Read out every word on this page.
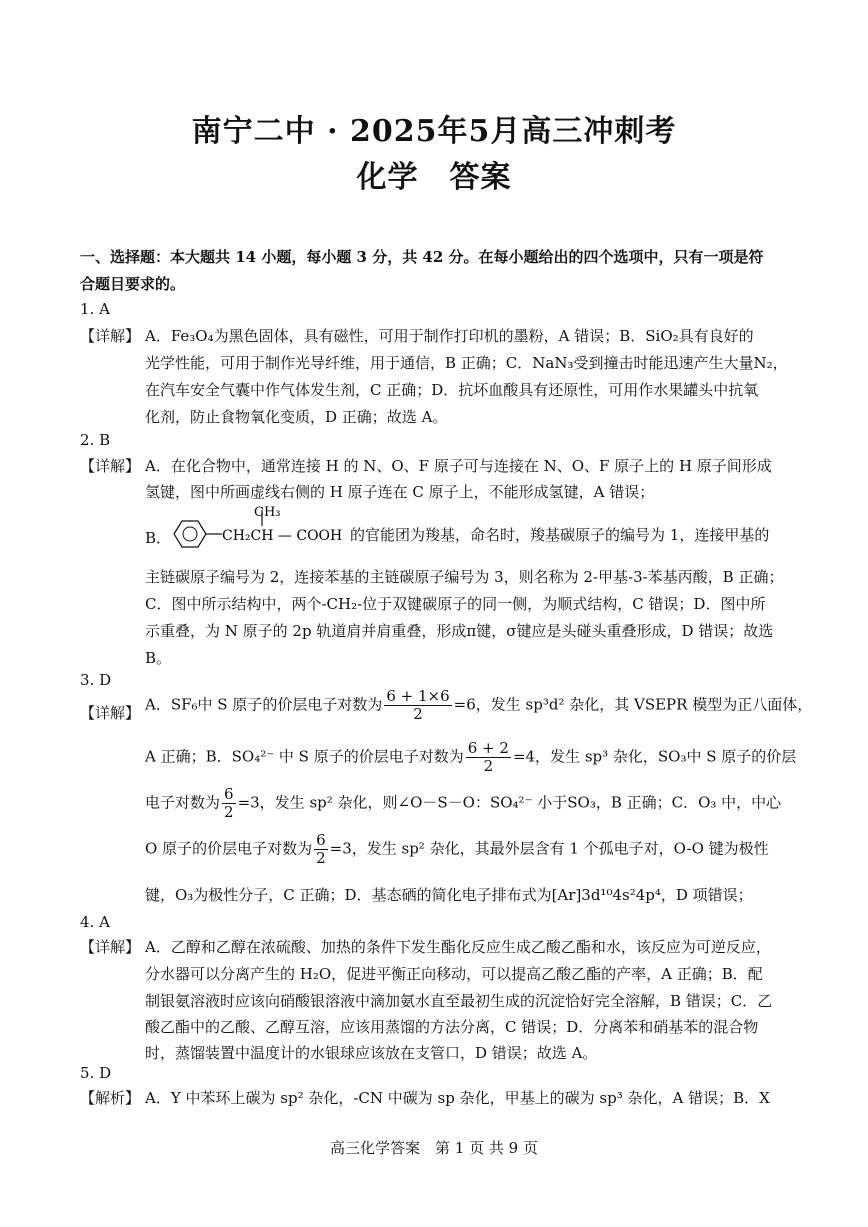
南宁二中 · 2025年5月高三冲刺考
化学　答案
一、选择题：本大题共 14 小题，每小题 3 分，共 42 分。在每小题给出的四个选项中，只有一项是符
合题目要求的。
1. A
【详解】 A．Fe₃O₄为黑色固体，具有磁性，可用于制作打印机的墨粉，A 错误；B．SiO₂具有良好的
光学性能，可用于制作光导纤维，用于通信，B 正确；C．NaN₃受到撞击时能迅速产生大量N₂，
在汽车安全气囊中作气体发生剂，C 正确；D．抗坏血酸具有还原性，可用作水果罐头中抗氧
化剂，防止食物氧化变质，D 正确；故选 A。
2. B
【详解】 A．在化合物中，通常连接 H 的 N、O、F 原子可与连接在 N、O、F 原子上的 H 原子间形成
氢键，图中所画虚线右侧的 H 原子连在 C 原子上，不能形成氢键，A 错误；
B．
CH₃
CH₂CH — COOH 的官能团为羧基，命名时，羧基碳原子的编号为 1，连接甲基的
主链碳原子编号为 2，连接苯基的主链碳原子编号为 3，则名称为 2-甲基-3-苯基丙酸，B 正确；
C．图中所示结构中，两个-CH₂-位于双键碳原子的同一侧，为顺式结构，C 错误；D．图中所
示重叠，为 N 原子的 2p 轨道肩并肩重叠，形成π键，σ键应是头碰头重叠形成，D 错误；故选
B。
3. D
【详解】 A．SF₆中 S 原子的价层电子对数为 $\frac{6 + 1\times 6}{2} =6$，发生 sp³d² 杂化，其 VSEPR 模型为正八面体，
A 正确；B．SO₄²⁻ 中 S 原子的价层电子对数为 $\frac{6 + 2}{2} =4$，发生 sp³ 杂化，SO₃中 S 原子的价层
电子对数为 $\frac{6}{2} =3$，发生 sp² 杂化，则∠O－S－O：SO₄²⁻ 小于SO₃，B 正确；C．O₃ 中，中心
O 原子的价层电子对数为 $\frac{6}{2} =3$，发生 sp² 杂化，其最外层含有 1 个孤电子对，O-O 键为极性
键，O₃为极性分子，C 正确；D．基态硒的简化电子排布式为[Ar]3d¹⁰4s²4p⁴，D 项错误；
4. A
【详解】 A．乙醇和乙醇在浓硫酸、加热的条件下发生酯化反应生成乙酸乙酯和水，该反应为可逆反应，
分水器可以分离产生的 H₂O，促进平衡正向移动，可以提高乙酸乙酯的产率，A 正确；B．配
制银氨溶液时应该向硝酸银溶液中滴加氨水直至最初生成的沉淀恰好完全溶解，B 错误；C．乙
酸乙酯中的乙酸、乙醇互溶，应该用蒸馏的方法分离，C 错误；D．分离苯和硝基苯的混合物
时，蒸馏装置中温度计的水银球应该放在支管口，D 错误；故选 A。
5. D
【解析】 A．Y 中苯环上碳为 sp² 杂化，-CN 中碳为 sp 杂化，甲基上的碳为 sp³ 杂化，A 错误；B．X
高三化学答案　第 1 页 共 9 页
